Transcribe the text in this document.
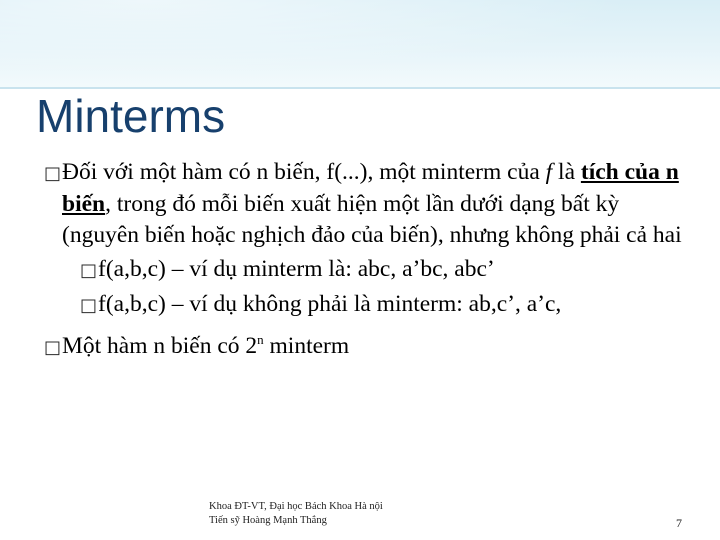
Minterms

□Đối với một hàm có n biến, f(...), một minterm của f là tích của n biến, trong đó mỗi biến xuất hiện một lần dưới dạng bất kỳ (nguyên biến hoặc nghịch đảo của biến), nhưng không phải cả hai

□f(a,b,c) – ví dụ minterm là: abc, a’bc, abc’

□f(a,b,c) – ví dụ không phải là minterm: ab,c’, a’c,

□Một hàm n biến có 2$^n$ minterm

Khoa ĐT-VT, Đại học Bách Khoa Hà nội
Tiến sỹ Hoàng Mạnh Thắng	7
